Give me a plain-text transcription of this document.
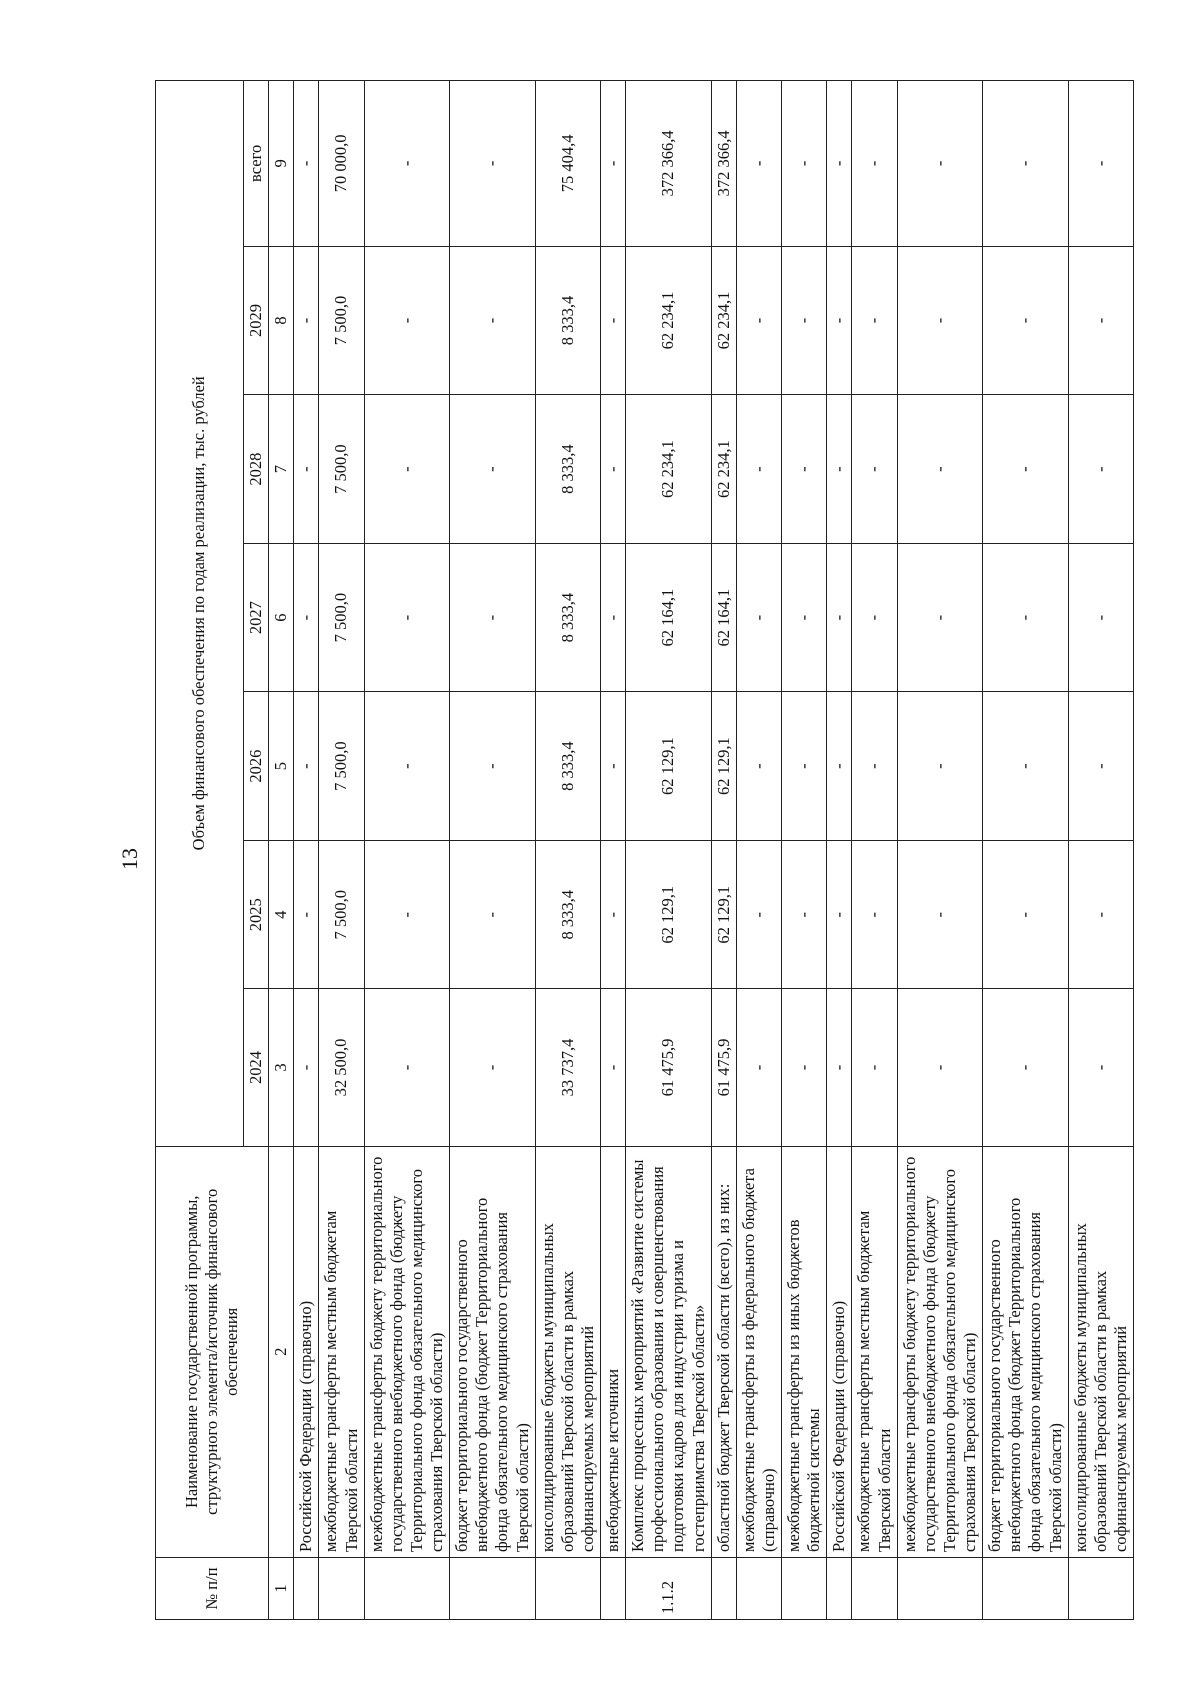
13
№ п/п	Наименование государственной программы, структурного элемента/источник финансового обеспечения	Объем финансового обеспечения по годам реализации, тыс. рублей						
		2024	2025	2026	2027	2028	2029	всего
1	2	3	4	5	6	7	8	9
	Российской Федерации (справочно)	-	-	-	-	-	-	-
	межбюджетные трансферты местным бюджетам Тверской области	32 500,0	7 500,0	7 500,0	7 500,0	7 500,0	7 500,0	70 000,0
	межбюджетные трансферты бюджету территориального государственного внебюджетного фонда (бюджету Территориального фонда обязательного медицинского страхования Тверской области)	-	-	-	-	-	-	-
	бюджет территориального государственного внебюджетного фонда (бюджет Территориального фонда обязательного медицинского страхования Тверской области)	-	-	-	-	-	-	-
	консолидированные бюджеты муниципальных образований Тверской области в рамках софинансируемых мероприятий	33 737,4	8 333,4	8 333,4	8 333,4	8 333,4	8 333,4	75 404,4
	внебюджетные источники	-	-	-	-	-	-	-
1.1.2	Комплекс процессных мероприятий «Развитие системы профессионального образования и совершенствования подготовки кадров для индустрии туризма и гостеприимства Тверской области»	61 475,9	62 129,1	62 129,1	62 164,1	62 234,1	62 234,1	372 366,4
	областной бюджет Тверской области (всего), из них:	61 475,9	62 129,1	62 129,1	62 164,1	62 234,1	62 234,1	372 366,4
	межбюджетные трансферты из федерального бюджета (справочно)	-	-	-	-	-	-	-
	межбюджетные трансферты из иных бюджетов бюджетной системы	-	-	-	-	-	-	-
	Российской Федерации (справочно)	-	-	-	-	-	-	-
	межбюджетные трансферты местным бюджетам Тверской области	-	-	-	-	-	-	-
	межбюджетные трансферты бюджету территориального государственного внебюджетного фонда (бюджету Территориального фонда обязательного медицинского страхования Тверской области)	-	-	-	-	-	-	-
	бюджет территориального государственного внебюджетного фонда (бюджет Территориального фонда обязательного медицинского страхования Тверской области)	-	-	-	-	-	-	-
	консолидированные бюджеты муниципальных образований Тверской области в рамках софинансируемых мероприятий	-	-	-	-	-	-	-
